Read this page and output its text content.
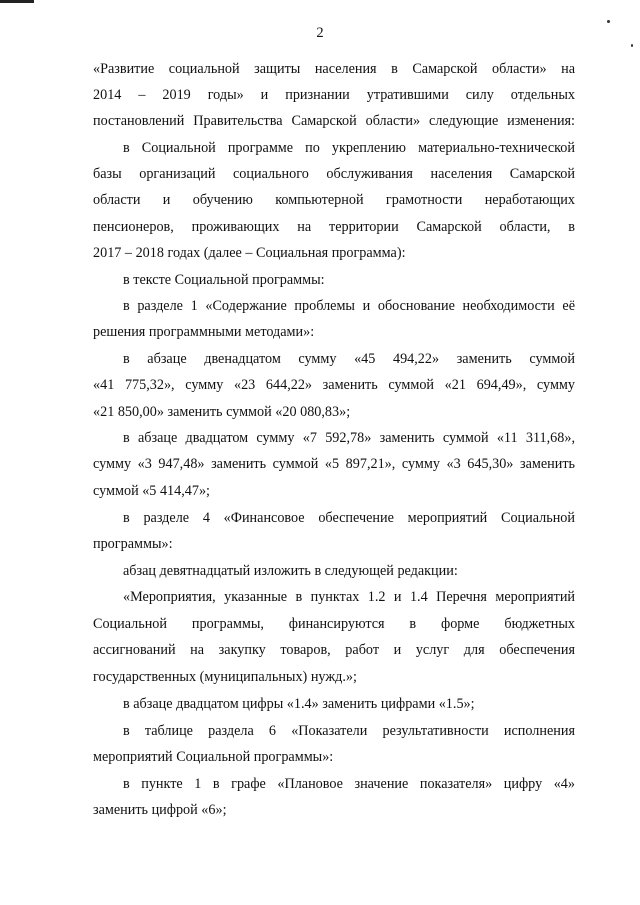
2
«Развитие социальной защиты населения в Самарской области» на
2014 – 2019 годы» и признании утратившими силу отдельных
постановлений Правительства Самарской области» следующие изменения:
в Социальной программе по укреплению материально-технической
базы организаций социального обслуживания населения Самарской
области и обучению компьютерной грамотности неработающих
пенсионеров, проживающих на территории Самарской области, в
2017 – 2018 годах (далее – Социальная программа):
в тексте Социальной программы:
в разделе 1 «Содержание проблемы и обоснование необходимости её
решения программными методами»:
в абзаце двенадцатом сумму «45 494,22» заменить суммой
«41 775,32», сумму «23 644,22» заменить суммой «21 694,49», сумму
«21 850,00» заменить суммой «20 080,83»;
в абзаце двадцатом сумму «7 592,78» заменить суммой «11 311,68»,
сумму «3 947,48» заменить суммой «5 897,21», сумму «3 645,30» заменить
суммой «5 414,47»;
в разделе 4 «Финансовое обеспечение мероприятий Социальной
программы»:
абзац девятнадцатый изложить в следующей редакции:
«Мероприятия, указанные в пунктах 1.2 и 1.4 Перечня мероприятий
Социальной программы, финансируются в форме бюджетных
ассигнований на закупку товаров, работ и услуг для обеспечения
государственных (муниципальных) нужд.»;
в абзаце двадцатом цифры «1.4» заменить цифрами «1.5»;
в таблице раздела 6 «Показатели результативности исполнения
мероприятий Социальной программы»:
в пункте 1 в графе «Плановое значение показателя» цифру «4»
заменить цифрой «6»;
